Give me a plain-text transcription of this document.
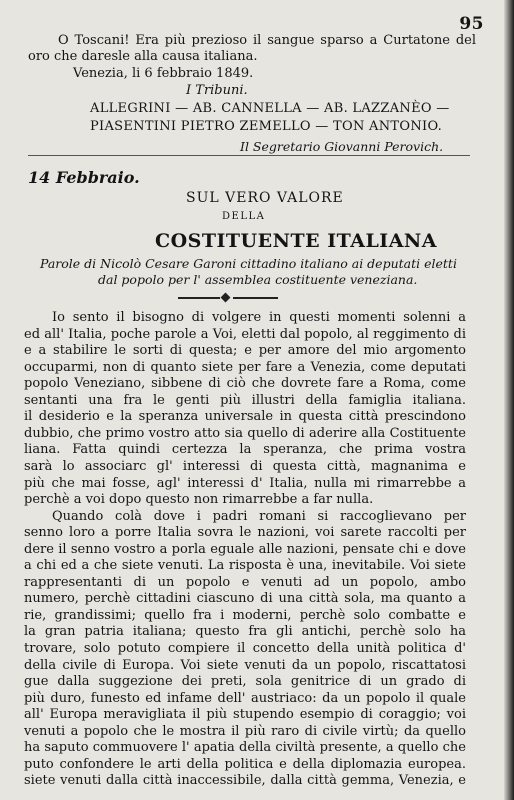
95
O Toscani! Era più prezioso il sangue sparso a Curtatone del
oro che daresle alla causa italiana.
Venezia, li 6 febbraio 1849.
I Tribuni.
ALLEGRINI — AB. CANNELLA — AB. LAZZANÈO —
PIASENTINI PIETRO ZEMELLO — TON ANTONIO.
Il Segretario Giovanni Perovich.
14 Febbraio.
SUL VERO VALORE
DELLA
COSTITUENTE ITALIANA
Parole di Nicolò Cesare Garoni cittadino italiano ai deputati eletti
dal popolo per l' assemblea costituente veneziana.
Io sento il bisogno di volgere in questi momenti solenni a
ed all' Italia, poche parole a Voi, eletti dal popolo, al reggimento di
e a stabilire le sorti di questa; e per amore del mio argomento
occuparmi, non di quanto siete per fare a Venezia, come deputati
popolo Veneziano, sibbene di ciò che dovrete fare a Roma, come
sentanti una fra le genti più illustri della famiglia italiana.
il desiderio e la speranza universale in questa città prescindono
dubbio, che primo vostro atto sia quello di aderire alla Costituente
liana. Fatta quindi certezza la speranza, che prima vostra
sarà lo associarc gl' interessi di questa città, magnanima e
più che mai fosse, agl' interessi d' Italia, nulla mi rimarrebbe a
perchè a voi dopo questo non rimarrebbe a far nulla.
Quando colà dove i padri romani si raccoglievano per
senno loro a porre Italia sovra le nazioni, voi sarete raccolti per
dere il senno vostro a porla eguale alle nazioni, pensate chi e dove
a chi ed a che siete venuti. La risposta è una, inevitabile. Voi siete
rappresentanti di un popolo e venuti ad un popolo, ambo
numero, perchè cittadini ciascuno di una città sola, ma quanto a
rie, grandissimi; quello fra i moderni, perchè solo combatte e
la gran patria italiana; questo fra gli antichi, perchè solo ha
trovare, solo potuto compiere il concetto della unità politica d'
della civile di Europa. Voi siete venuti da un popolo, riscattatosi
gue dalla suggezione dei preti, sola genitrice di un grado di
più duro, funesto ed infame dell' austriaco: da un popolo il quale
all' Europa meravigliata il più stupendo esempio di coraggio; voi
venuti a popolo che le mostra il più raro di civile virtù; da quello
ha saputo commuovere l' apatia della civiltà presente, a quello che
puto confondere le arti della politica e della diplomazia europea.
siete venuti dalla città inaccessibile, dalla città gemma, Venezia, e
